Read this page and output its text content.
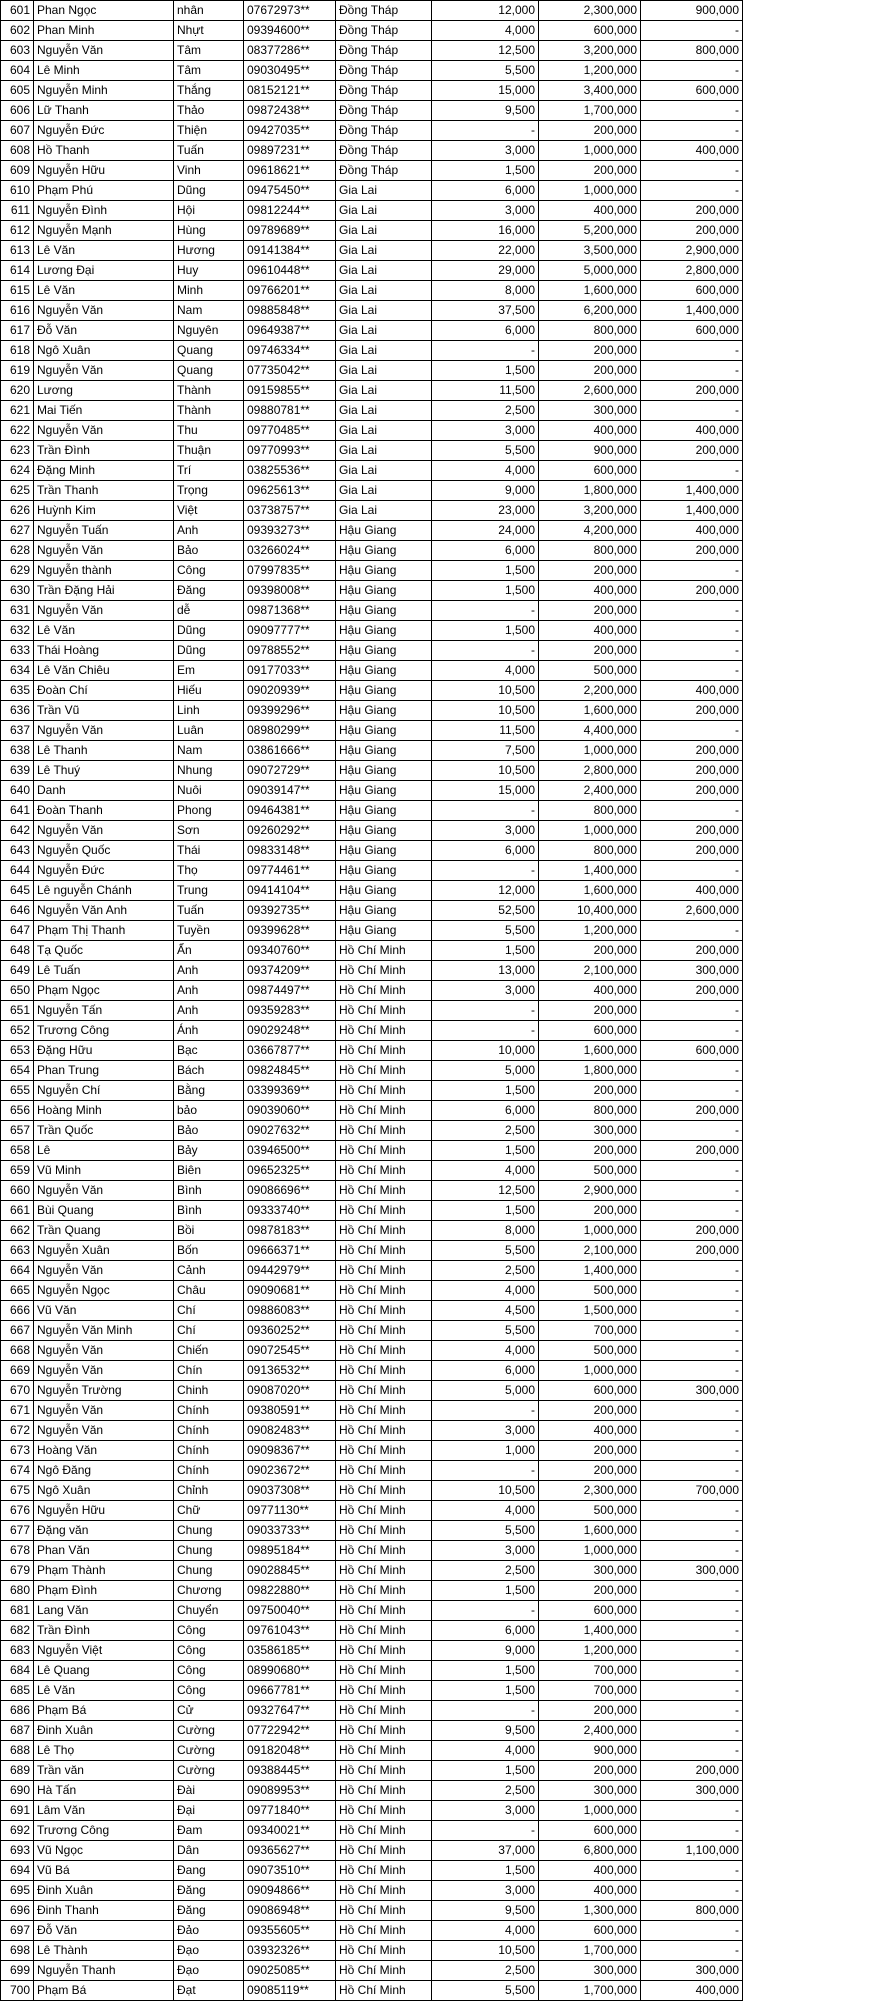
601	Phan Ngọc	nhân	07672973**	Đồng Tháp	12,000	2,300,000	900,000
602	Phan Minh	Nhựt	09394600**	Đồng Tháp	4,000	600,000	-
603	Nguyễn Văn	Tâm	08377286**	Đồng Tháp	12,500	3,200,000	800,000
604	Lê Minh	Tâm	09030495**	Đồng Tháp	5,500	1,200,000	-
605	Nguyễn Minh	Thắng	08152121**	Đồng Tháp	15,000	3,400,000	600,000
606	Lữ Thanh	Thảo	09872438**	Đồng Tháp	9,500	1,700,000	-
607	Nguyễn Đức	Thiện	09427035**	Đồng Tháp	-	200,000	-
608	Hồ Thanh	Tuấn	09897231**	Đồng Tháp	3,000	1,000,000	400,000
609	Nguyễn Hữu	Vinh	09618621**	Đồng Tháp	1,500	200,000	-
610	Phạm Phú	Dũng	09475450**	Gia Lai	6,000	1,000,000	-
611	Nguyễn Đình	Hội	09812244**	Gia Lai	3,000	400,000	200,000
612	Nguyễn Mạnh	Hùng	09789689**	Gia Lai	16,000	5,200,000	200,000
613	Lê Văn	Hương	09141384**	Gia Lai	22,000	3,500,000	2,900,000
614	Lương Đại	Huy	09610448**	Gia Lai	29,000	5,000,000	2,800,000
615	Lê Văn	Minh	09766201**	Gia Lai	8,000	1,600,000	600,000
616	Nguyễn Văn	Nam	09885848**	Gia Lai	37,500	6,200,000	1,400,000
617	Đỗ Văn	Nguyên	09649387**	Gia Lai	6,000	800,000	600,000
618	Ngô Xuân	Quang	09746334**	Gia Lai	-	200,000	-
619	Nguyễn Văn	Quang	07735042**	Gia Lai	1,500	200,000	-
620	Lương	Thành	09159855**	Gia Lai	11,500	2,600,000	200,000
621	Mai Tiến	Thành	09880781**	Gia Lai	2,500	300,000	-
622	Nguyễn Văn	Thu	09770485**	Gia Lai	3,000	400,000	400,000
623	Trần Đình	Thuận	09770993**	Gia Lai	5,500	900,000	200,000
624	Đặng Minh	Trí	03825536**	Gia Lai	4,000	600,000	-
625	Trần Thanh	Trọng	09625613**	Gia Lai	9,000	1,800,000	1,400,000
626	Huỳnh Kim	Việt	03738757**	Gia Lai	23,000	3,200,000	1,400,000
627	Nguyễn Tuấn	Anh	09393273**	Hậu Giang	24,000	4,200,000	400,000
628	Nguyễn Văn	Bảo	03266024**	Hậu Giang	6,000	800,000	200,000
629	Nguyễn thành	Công	07997835**	Hậu Giang	1,500	200,000	-
630	Trần Đặng Hải	Đăng	09398008**	Hậu Giang	1,500	400,000	200,000
631	Nguyễn Văn	dễ	09871368**	Hậu Giang	-	200,000	-
632	Lê Văn	Dũng	09097777**	Hậu Giang	1,500	400,000	-
633	Thái Hoàng	Dũng	09788552**	Hậu Giang	-	200,000	-
634	Lê Văn Chiêu	Em	09177033**	Hậu Giang	4,000	500,000	-
635	Đoàn Chí	Hiếu	09020939**	Hậu Giang	10,500	2,200,000	400,000
636	Trần Vũ	Linh	09399296**	Hậu Giang	10,500	1,600,000	200,000
637	Nguyễn Văn	Luân	08980299**	Hậu Giang	11,500	4,400,000	-
638	Lê Thanh	Nam	03861666**	Hậu Giang	7,500	1,000,000	200,000
639	Lê Thuý	Nhung	09072729**	Hậu Giang	10,500	2,800,000	200,000
640	Danh	Nuôi	09039147**	Hậu Giang	15,000	2,400,000	200,000
641	Đoàn Thanh	Phong	09464381**	Hậu Giang	-	800,000	-
642	Nguyễn Văn	Sơn	09260292**	Hậu Giang	3,000	1,000,000	200,000
643	Nguyễn Quốc	Thái	09833148**	Hậu Giang	6,000	800,000	200,000
644	Nguyễn Đức	Thọ	09774461**	Hậu Giang	-	1,400,000	-
645	Lê nguyễn Chánh	Trung	09414104**	Hậu Giang	12,000	1,600,000	400,000
646	Nguyễn Văn Anh	Tuấn	09392735**	Hậu Giang	52,500	10,400,000	2,600,000
647	Phạm Thị Thanh	Tuyền	09399628**	Hậu Giang	5,500	1,200,000	-
648	Tạ Quốc	Ẩn	09340760**	Hồ Chí Minh	1,500	200,000	200,000
649	Lê Tuấn	Anh	09374209**	Hồ Chí Minh	13,000	2,100,000	300,000
650	Phạm Ngọc	Anh	09874497**	Hồ Chí Minh	3,000	400,000	200,000
651	Nguyễn Tấn	Anh	09359283**	Hồ Chí Minh	-	200,000	-
652	Trương Công	Ánh	09029248**	Hồ Chí Minh	-	600,000	-
653	Đặng Hữu	Bạc	03667877**	Hồ Chí Minh	10,000	1,600,000	600,000
654	Phan Trung	Bách	09824845**	Hồ Chí Minh	5,000	1,800,000	-
655	Nguyễn Chí	Bằng	03399369**	Hồ Chí Minh	1,500	200,000	-
656	Hoàng Minh	bảo	09039060**	Hồ Chí Minh	6,000	800,000	200,000
657	Trần Quốc	Bảo	09027632**	Hồ Chí Minh	2,500	300,000	-
658	Lê	Bảy	03946500**	Hồ Chí Minh	1,500	200,000	200,000
659	Vũ Minh	Biên	09652325**	Hồ Chí Minh	4,000	500,000	-
660	Nguyễn Văn	Bình	09086696**	Hồ Chí Minh	12,500	2,900,000	-
661	Bùi Quang	Bình	09333740**	Hồ Chí Minh	1,500	200,000	-
662	Trần Quang	Bồi	09878183**	Hồ Chí Minh	8,000	1,000,000	200,000
663	Nguyễn Xuân	Bốn	09666371**	Hồ Chí Minh	5,500	2,100,000	200,000
664	Nguyễn Văn	Cảnh	09442979**	Hồ Chí Minh	2,500	1,400,000	-
665	Nguyễn Ngọc	Châu	09090681**	Hồ Chí Minh	4,000	500,000	-
666	Vũ Văn	Chí	09886083**	Hồ Chí Minh	4,500	1,500,000	-
667	Nguyễn Văn Minh	Chí	09360252**	Hồ Chí Minh	5,500	700,000	-
668	Nguyễn Văn	Chiến	09072545**	Hồ Chí Minh	4,000	500,000	-
669	Nguyễn Văn	Chín	09136532**	Hồ Chí Minh	6,000	1,000,000	-
670	Nguyễn Trường	Chinh	09087020**	Hồ Chí Minh	5,000	600,000	300,000
671	Nguyễn Văn	Chính	09380591**	Hồ Chí Minh	-	200,000	-
672	Nguyễn Văn	Chính	09082483**	Hồ Chí Minh	3,000	400,000	-
673	Hoàng Văn	Chính	09098367**	Hồ Chí Minh	1,000	200,000	-
674	Ngô Đăng	Chính	09023672**	Hồ Chí Minh	-	200,000	-
675	Ngô Xuân	Chỉnh	09037308**	Hồ Chí Minh	10,500	2,300,000	700,000
676	Nguyễn Hữu	Chữ	09771130**	Hồ Chí Minh	4,000	500,000	-
677	Đặng văn	Chung	09033733**	Hồ Chí Minh	5,500	1,600,000	-
678	Phan Văn	Chung	09895184**	Hồ Chí Minh	3,000	1,000,000	-
679	Phạm Thành	Chung	09028845**	Hồ Chí Minh	2,500	300,000	300,000
680	Phạm Đình	Chương	09822880**	Hồ Chí Minh	1,500	200,000	-
681	Lang Văn	Chuyển	09750040**	Hồ Chí Minh	-	600,000	-
682	Trần Đình	Công	09761043**	Hồ Chí Minh	6,000	1,400,000	-
683	Nguyễn Việt	Công	03586185**	Hồ Chí Minh	9,000	1,200,000	-
684	Lê Quang	Công	08990680**	Hồ Chí Minh	1,500	700,000	-
685	Lê Văn	Công	09667781**	Hồ Chí Minh	1,500	700,000	-
686	Phạm Bá	Cử	09327647**	Hồ Chí Minh	-	200,000	-
687	Đinh Xuân	Cường	07722942**	Hồ Chí Minh	9,500	2,400,000	-
688	Lê Thọ	Cường	09182048**	Hồ Chí Minh	4,000	900,000	-
689	Trần văn	Cường	09388445**	Hồ Chí Minh	1,500	200,000	200,000
690	Hà Tấn	Đài	09089953**	Hồ Chí Minh	2,500	300,000	300,000
691	Lâm Văn	Đại	09771840**	Hồ Chí Minh	3,000	1,000,000	-
692	Trương Công	Đam	09340021**	Hồ Chí Minh	-	600,000	-
693	Vũ Ngọc	Dân	09365627**	Hồ Chí Minh	37,000	6,800,000	1,100,000
694	Vũ Bá	Đang	09073510**	Hồ Chí Minh	1,500	400,000	-
695	Đinh Xuân	Đăng	09094866**	Hồ Chí Minh	3,000	400,000	-
696	Đinh Thanh	Đăng	09086948**	Hồ Chí Minh	9,500	1,300,000	800,000
697	Đỗ Văn	Đảo	09355605**	Hồ Chí Minh	4,000	600,000	-
698	Lê Thành	Đạo	03932326**	Hồ Chí Minh	10,500	1,700,000	-
699	Nguyễn Thanh	Đạo	09025085**	Hồ Chí Minh	2,500	300,000	300,000
700	Phạm Bá	Đạt	09085119**	Hồ Chí Minh	5,500	1,700,000	400,000
